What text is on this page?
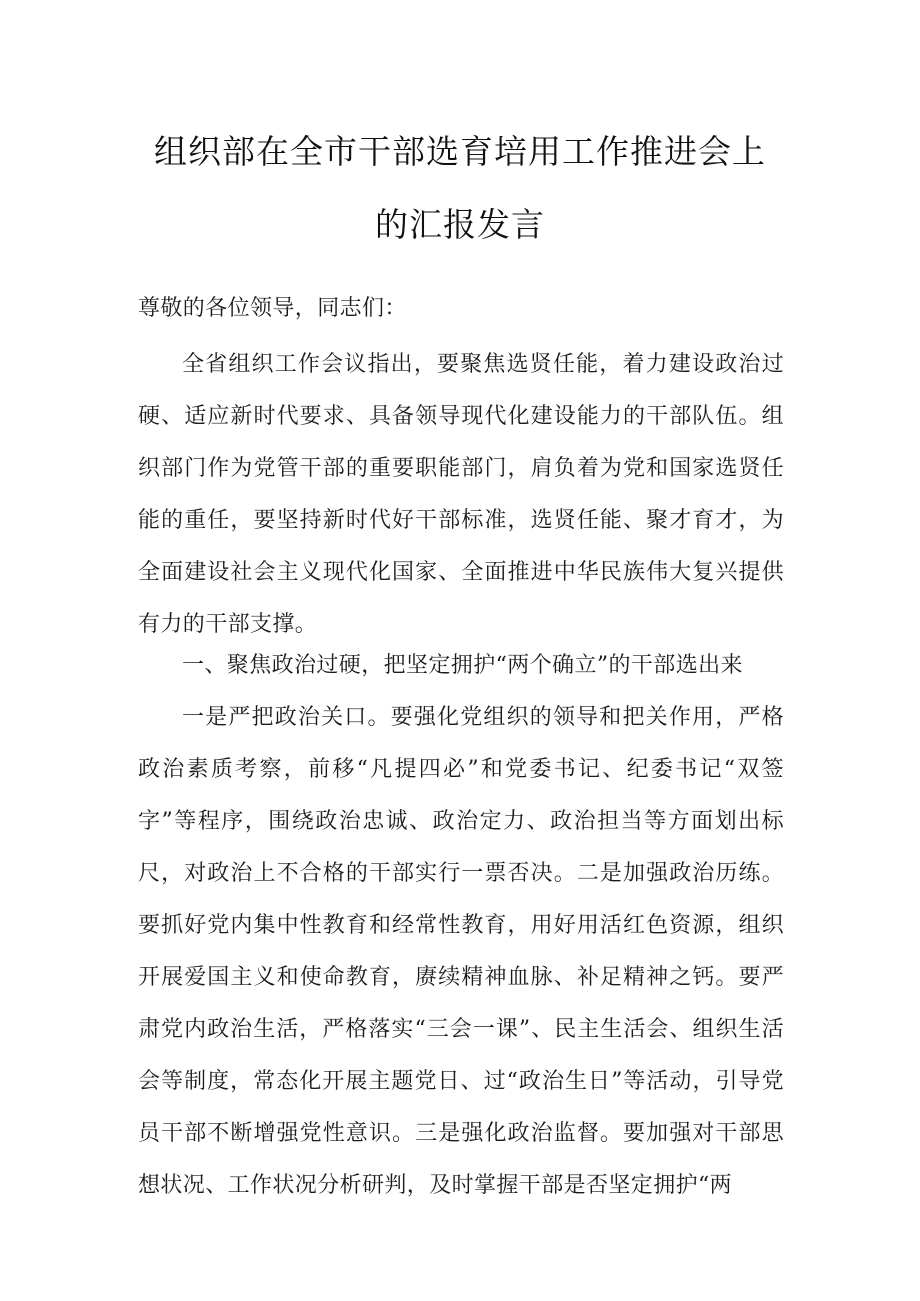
组织部在全市干部选育培用工作推进会上
的汇报发言

尊敬的各位领导，同志们：

全省组织工作会议指出，要聚焦选贤任能，着力建设政治过硬、适应新时代要求、具备领导现代化建设能力的干部队伍。组织部门作为党管干部的重要职能部门，肩负着为党和国家选贤任能的重任，要坚持新时代好干部标准，选贤任能、聚才育才，为全面建设社会主义现代化国家、全面推进中华民族伟大复兴提供有力的干部支撑。

一、聚焦政治过硬，把坚定拥护“两个确立”的干部选出来

一是严把政治关口。要强化党组织的领导和把关作用，严格政治素质考察，前移“凡提四必”和党委书记、纪委书记“双签字”等程序，围绕政治忠诚、政治定力、政治担当等方面划出标尺，对政治上不合格的干部实行一票否决。二是加强政治历练。要抓好党内集中性教育和经常性教育，用好用活红色资源，组织开展爱国主义和使命教育，赓续精神血脉、补足精神之钙。要严肃党内政治生活，严格落实“三会一课”、民主生活会、组织生活会等制度，常态化开展主题党日、过“政治生日”等活动，引导党员干部不断增强党性意识。三是强化政治监督。要加强对干部思想状况、工作状况分析研判，及时掌握干部是否坚定拥护“两
